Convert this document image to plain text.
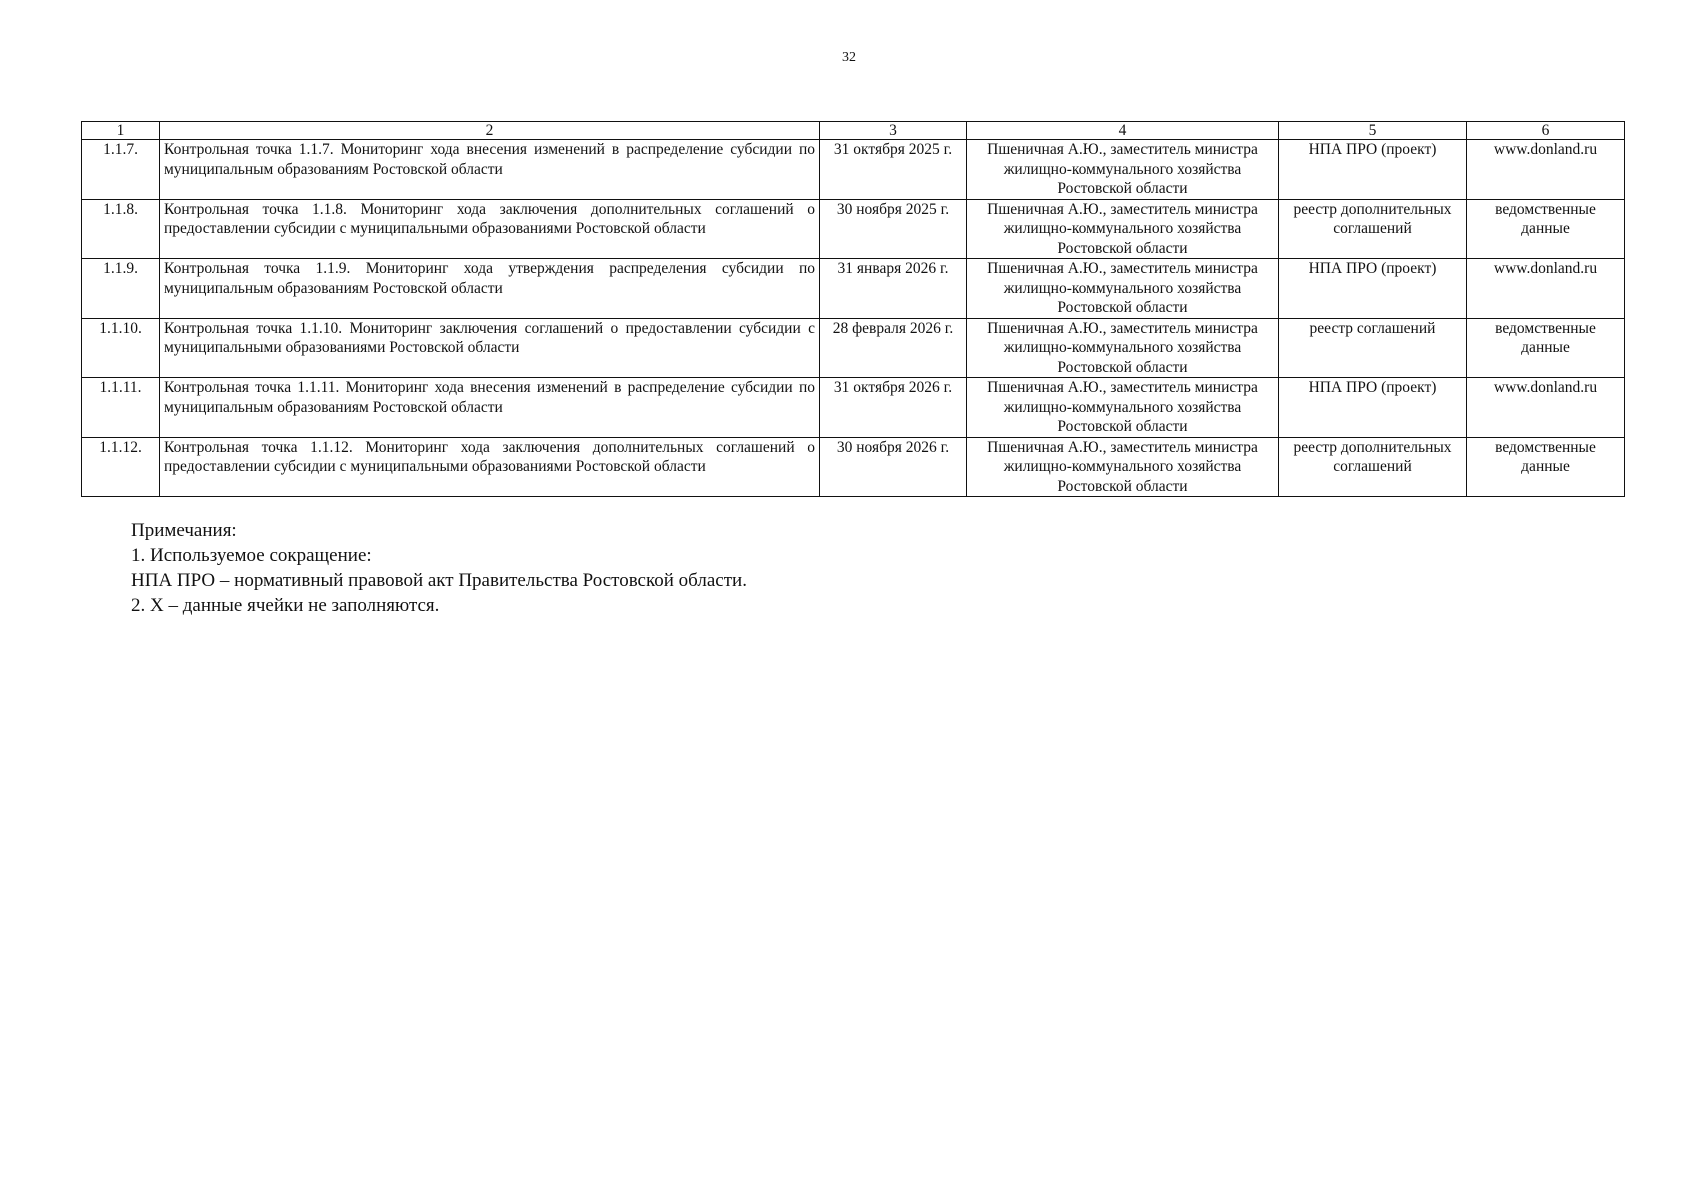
32
1	2	3	4	5	6
1.1.7.	Контрольная точка 1.1.7. Мониторинг хода внесения изменений в распределение субсидии по муниципальным образованиям Ростовской области	31 октября 2025 г.	Пшеничная А.Ю., заместитель министра жилищно-коммунального хозяйства Ростовской области	НПА ПРО (проект)	www.donland.ru
1.1.8.	Контрольная точка 1.1.8. Мониторинг хода заключения дополнительных соглашений о предоставлении субсидии с муниципальными образованиями Ростовской области	30 ноября 2025 г.	Пшеничная А.Ю., заместитель министра жилищно-коммунального хозяйства Ростовской области	реестр дополнительных соглашений	ведомственные данные
1.1.9.	Контрольная точка 1.1.9. Мониторинг хода утверждения распределения субсидии по муниципальным образованиям Ростовской области	31 января 2026 г.	Пшеничная А.Ю., заместитель министра жилищно-коммунального хозяйства Ростовской области	НПА ПРО (проект)	www.donland.ru
1.1.10.	Контрольная точка 1.1.10. Мониторинг заключения соглашений о предоставлении субсидии с муниципальными образованиями Ростовской области	28 февраля 2026 г.	Пшеничная А.Ю., заместитель министра жилищно-коммунального хозяйства Ростовской области	реестр соглашений	ведомственные данные
1.1.11.	Контрольная точка 1.1.11. Мониторинг хода внесения изменений в распределение субсидии по муниципальным образованиям Ростовской области	31 октября 2026 г.	Пшеничная А.Ю., заместитель министра жилищно-коммунального хозяйства Ростовской области	НПА ПРО (проект)	www.donland.ru
1.1.12.	Контрольная точка 1.1.12. Мониторинг хода заключения дополнительных соглашений о предоставлении субсидии с муниципальными образованиями Ростовской области	30 ноября 2026 г.	Пшеничная А.Ю., заместитель министра жилищно-коммунального хозяйства Ростовской области	реестр дополнительных соглашений	ведомственные данные

Примечания:

1. Используемое сокращение:

НПА ПРО – нормативный правовой акт Правительства Ростовской области.

2. Х – данные ячейки не заполняются.
